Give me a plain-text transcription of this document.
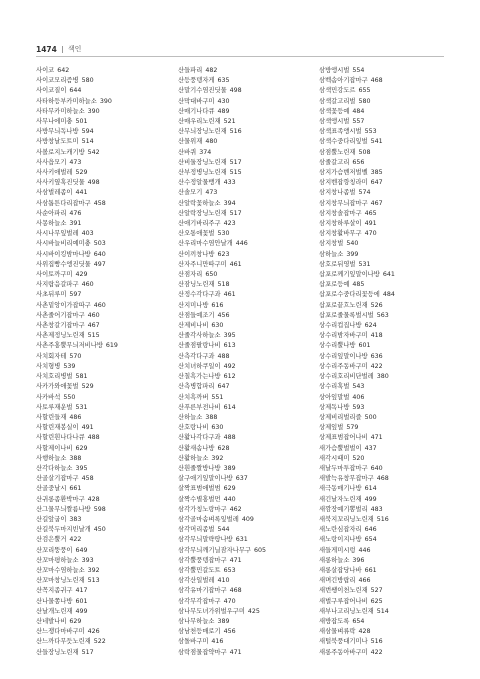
1474 색인
사이코 642
사이코모리즘병 580
사이코질이 644
사타하등부카미하늘소 390
사타무카미하늘소 390
사무나에미충 501
사방무늬독나방 594
사방창날도트미 514
사볼로지노캐기방 542
사사읍모기 473
사사키애벌레 529
사사키옆혹진딧물 498
사삼벌레좀이 441
사삼톱튼다리잡마구 458
사순아파리 476
사몽하늘소 391
사시나무잎벌레 403
사시바늘비리예미충 503
사시바이킹밤마나방 640
사위집빵수엥진딧물 497
사이토까구미 429
사지랍음갈파구 460
사초뒤루미 597
사촌밑앙이가잡따구 460
사촌줄어기잡마구 460
사촌창갈기잡마구 467
사촌제정닝노린재 515
사촌주홍뿔무늬저비나방 619
사치회자테 570
사치형병 539
사치호리병벌 581
사카가와애꽃벌 529
사카바석 550
사토루재운벌 531
사할린들재 486
사할린재봉실이 491
사할린흰나다나큐 488
사할제이나비 629
사행하늘소 388
산각다하늘소 395
산골살기잡마구 458
산골중날시 661
산귀롱좀환박마구 428
산그물무늬짤름나방 598
산길앞굽이 383
산길북두마지빈날개 450
산검은뿔거 422
산꼬리뚱풍이 649
산꼬마평하늘소 393
산꼬마수염하늘소 392
산꼬마창닝노린재 513
산꼭지좀귀구 417
산나물쫑나방 601
산날개노린재 499
산네발나비 629
산느쟁다마바구미 426
산느까다무듯노린재 522
산들장닝노린재 517
산들파리 482
산등풍뎅자게 635
산말기수염진딧물 498
산막대바구미 430
산매기나다큐 489
산매우리노린재 521
산무늬장닝노린재 516
산물위재 480
산바퀴 374
산비둘장닝노린재 517
산부정병닝노린재 515
산수정알물뱅개 433
산솔모기 473
산알락꽃하늘소 394
산알락장닝노린재 517
산애기바리주구 423
산오통애꽃벌 530
산우리마수염안날개 446
산이끼창나방 623
산자주니만따구미 461
산점자리 650
산잠닝노린재 518
산정수각다구과 461
산지미나방 616
산점들예조기 456
산제비나비 630
산줄각사하늘소 395
산줄점팔랑나비 613
산측각다구과 488
산치녀하쿠일이 492
산칠흑가는나방 612
산측병합파리 647
산치흑까버 551
산푸른부전나비 614
산하늘소 388
산호랑나비 630
산활나각다구과 488
산활새솜나방 628
산활하늘소 392
산흰줄짤방나방 389
살구애기잎말이나방 637
살짝표범애벌범 629
살짝수별홍벌먼 440
삼각가칭노랑마구 462
삼각골마솜벼록잎벌레 409
삼각머리좀벌 544
삼각무늬말략땅나방 631
삼각무늬깨기닐잠자나무구 605
삼각뿔풍뎅잡마구 471
삼각뿔민갈도트 653
삼각산일벌레 410
삼각유마기잡마구 468
삼각무각잡마구 470
삼나무도녀가위벌우구미 425
삼나무하늘소 389
삼남천등매로기 456
삼돌바구미 416
삼락점물잡약마구 471
삼방앵시벌 554
삼벡솜아기잡마구 468
삼색민강도르 655
삼색갈고리벌 580
삼색꽃등예 484
삼색앵시벌 557
삼색표족앵시벌 553
삼색수중다리잎벌 541
삼점뿔노린재 508
삼줄갈고리 656
삼지가슴벤저벌벨 385
삼지벤잡깡칭라미 647
삼지창나좀벌 574
삼지창무늬잡마구 467
삼지창솔잡마구 465
삼지창하루살이 491
삼지창활바무구 470
삼지창벌 540
삼하늘소 399
삼호로뒤영벌 531
삽포로께기잎말이나방 641
삽포로등예 485
삽포로수중다리꽃등에 484
삽포로끝흐노린재 526
삽포로줄물록벌시벌 563
상수리컵집나방 624
상수리밤자바구미 418
상수리뿔나방 601
상수리잎말이나방 636
상수리주동바구미 422
상수리호리비단벌레 380
상수리혹벌 543
상아잎말벌 406
상제독나방 593
상제비리벌리즐 500
상제잎벌 579
상제표범잡어나비 471
새가슴뿔벌벌이 437
새각시때미 520
새날두마투잡마구 640
새발늑유창무잡마구 468
새극동매기나방 614
새긴날자노린재 499
새깜장예기뽕벌리 483
새북지꼬리닝노린재 516
새노란심잡자리 646
새노랑이지나방 654
새들게미시렁 446
새롱하늘소 396
새롱살잡당나바 661
새며긴방랍리 466
새번쌩이천노린재 527
새벌구루잡어나비 625
새부나고리닝노린재 514
새방잡도록 654
새삼물벼류락 428
새털북풍대기미나 516
새롱주동아바구미 422
